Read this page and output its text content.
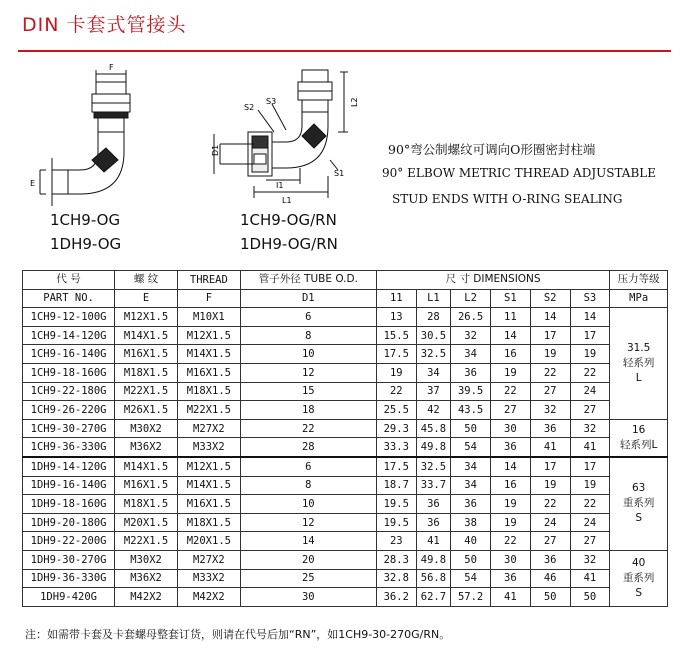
DIN 卡套式管接头
F
E
S2
S3
D1
L2
S1
L1
I1
1CH9-OG
1DH9-OG
1CH9-OG/RN
1DH9-OG/RN
90°弯公制螺纹可调向O形圈密封柱端
90° ELBOW METRIC THREAD ADJUSTABLE
STUD ENDS WITH O-RING SEALING
代 号	螺 纹	THREAD	管子外径 TUBE O.D.	尺 寸 DIMENSIONS						压力等级
PART NO.	E	F	D1	11	L1	L2	S1	S2	S3	MPa
1CH9-12-100G	M12X1.5	M10X1	6	13	28	26.5	11	14	14	31.5
轻系列
L

1CH9-14-120G	M14X1.5	M12X1.5	8	15.5	30.5	32	14	17	17	
1CH9-16-140G	M16X1.5	M14X1.5	10	17.5	32.5	34	16	19	19	
1CH9-18-160G	M18X1.5	M16X1.5	12	19	34	36	19	22	22	
1CH9-22-180G	M22X1.5	M18X1.5	15	22	37	39.5	22	27	24	
1CH9-26-220G	M26X1.5	M22X1.5	18	25.5	42	43.5	27	32	27	
1CH9-30-270G	M30X2	M27X2	22	29.3	45.8	50	30	36	32	16
轻系列L

1CH9-36-330G	M36X2	M33X2	28	33.3	49.8	54	36	41	41	
1DH9-14-120G	M14X1.5	M12X1.5	6	17.5	32.5	34	14	17	17	63
重系列
S

1DH9-16-140G	M16X1.5	M14X1.5	8	18.7	33.7	34	16	19	19	
1DH9-18-160G	M18X1.5	M16X1.5	10	19.5	36	36	19	22	22	
1DH9-20-180G	M20X1.5	M18X1.5	12	19.5	36	38	19	24	24	
1DH9-22-200G	M22X1.5	M20X1.5	14	23	41	40	22	27	27	
1DH9-30-270G	M30X2	M27X2	20	28.3	49.8	50	30	36	32	40
重系列
S

1DH9-36-330G	M36X2	M33X2	25	32.8	56.8	54	36	46	41	
1DH9-420G	M42X2	M42X2	30	36.2	62.7	57.2	41	50	50	
注：如需带卡套及卡套螺母整套订货，则请在代号后加“RN”，如1CH9-30-270G/RN。
